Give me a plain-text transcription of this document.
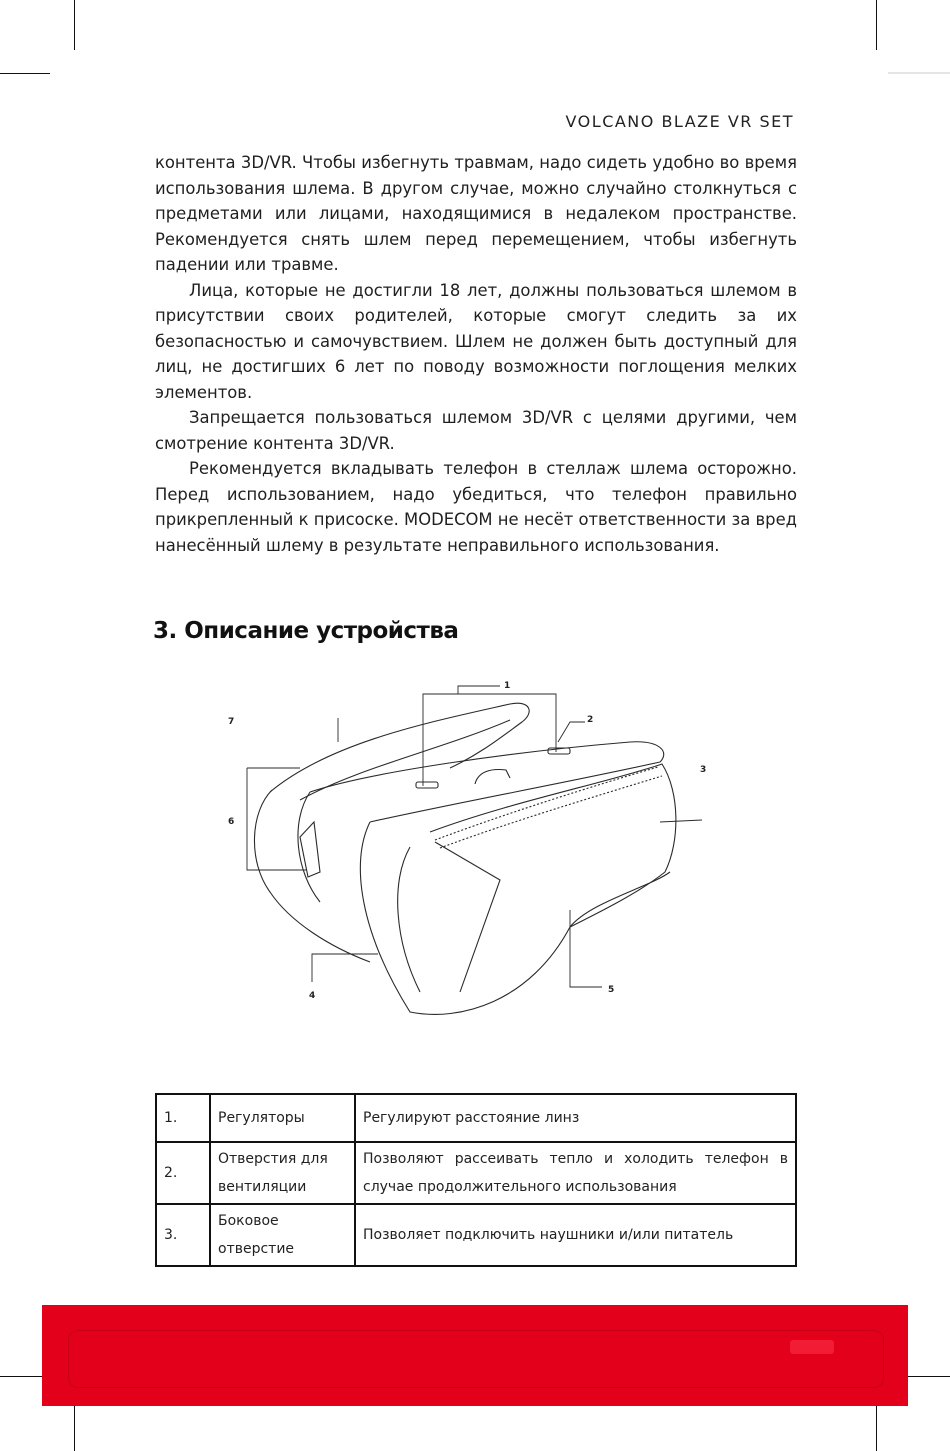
VOLCANO BLAZE VR SET

контента 3D/VR. Чтобы избегнуть травмам, надо сидеть удобно во время использования шлема. В другом случае, можно случайно столкнуться с предметами или лицами, находящимися в недалеком пространстве. Рекомендуется снять шлем перед перемещением, чтобы избегнуть падении или травме.

Лица, которые не достигли 18 лет, должны пользоваться шлемом в присутствии своих родителей, которые смогут следить за их безопасностью и самочувствием. Шлем не должен быть доступный для лиц, не достигших 6 лет по поводу возможности поглощения мелких элементов.

Запрещается пользоваться шлемом 3D/VR с целями другими, чем смотрение контента 3D/VR.

Рекомендуется вкладывать телефон в стеллаж шлема осторожно. Перед использованием, надо убедиться, что телефон правильно прикрепленный к присоске. MODECOM не несёт ответственности за вред нанесённый шлему в результате неправильного использования.

3. Описание устройства
1
2
3
4
5
6
7
1.	Регуляторы	Регулируют расстояние линз
2.	Отверстия для вентиляции	Позволяют рассеивать тепло и холодить телефон в случае продолжительного использования
3.	Боковое отверстие	Позволяет подключить наушники и/или питатель
